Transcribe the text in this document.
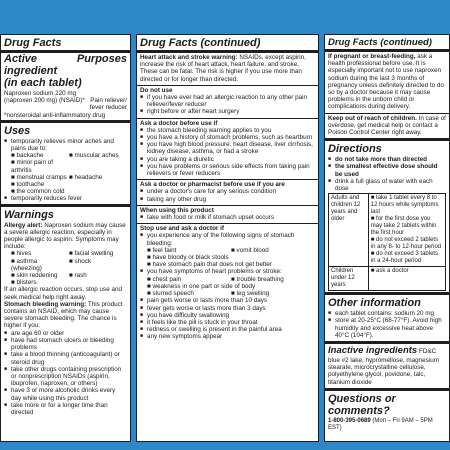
Drug Facts
Active ingredient
Purposes
(in each tablet)
Naproxen sodium 220 mg
(naproxen 200 mg) (NSAID)* Pain reliever/
fever reducer
*nonsteroidal anti-inflammatory drug
Uses
■ temporarily relieves minor aches and pains due to:
■ backache	■ muscular aches
■ minor pain of arthritis
■ menstrual cramps ■ headache
■ toothache
■ the common cold
■ temporarily reduces fever
Warnings
Allergy alert: Naproxen sodium may cause a severe allergic reaction, especially in people allergic to aspirin. Symptoms may include:
■ hives	■ facial swelling
■ asthma (wheezing)
■ shock
■ skin reddening	■ rash
■ blisters
If an allergic reaction occurs, stop use and seek medical help right away.
Stomach bleeding warning: This product contains an NSAID, which may cause severe stomach bleeding. The chance is higher if you:
■ are age 60 or older
■ have had stomach ulcers or bleeding problems
■ take a blood thinning (anticoagulant) or steroid drug
■ take other drugs containing prescription or nonprescription NSAIDs (aspirin, ibuprofen, naproxen, or others)
■ have 3 or more alcoholic drinks every day while using this product
■ take more or for a longer time than directed
Drug Facts (continued)
Heart attack and stroke warning: NSAIDs, except aspirin, increase the risk of heart attack, heart failure, and stroke. These can be fatal. The risk is higher if you use more than directed or for longer than directed.
Do not use
■ if you have ever had an allergic reaction to any other pain reliever/fever reducer
■ right before or after heart surgery
Ask a doctor before use if
■ the stomach bleeding warning applies to you
■ you have a history of stomach problems, such as heartburn
■ you have high blood pressure, heart disease, liver cirrhosis, kidney disease, asthma, or had a stroke
■ you are taking a diuretic
■ you have problems or serious side effects from taking pain relievers or fever reducers
Ask a doctor or pharmacist before use if you are
■ under a doctor's care for any serious condition
■ taking any other drug
When using this product
■ take with food or milk if stomach upset occurs
Stop use and ask a doctor if
■ you experience any of the following signs of stomach bleeding:
■ feel faint	■ vomit blood
■ have bloody or black stools
■ have stomach pain that does not get better
■ you have symptoms of heart problems or stroke:
■ chest pain	■ trouble breathing
■ weakness in one part or side of body
■ slurred speech	■ leg swelling
■ pain gets worse or lasts more than 10 days
■ fever gets worse or lasts more than 3 days
■ you have difficulty swallowing
■ it feels like the pill is stuck in your throat
■ redness or swelling is present in the painful area
■ any new symptoms appear
Drug Facts (continued)
If pregnant or breast-feeding, ask a health professional before use. It is especially important not to use naproxen sodium during the last 3 months of pregnancy unless definitely directed to do so by a doctor because it may cause problems in the unborn child or complications during delivery.
Keep out of reach of children. In case of overdose, get medical help or contact a Poison Control Center right away.
Directions
■ do not take more than directed
■ the smallest effective dose should be used
■ drink a full glass of water with each dose
Adults and children 12 years and older	■ take 1 tablet every 8 to 12 hours while symptoms last
■ for the first dose you may take 2 tablets within the first hour
■ do not exceed 2 tablets in any 8- to 12-hour period
■ do not exceed 3 tablets in a 24-hour period

Children under 12 years	■ ask a doctor
Other information
■ each tablet contains: sodium 20 mg
■ store at 20-25°C (68-77°F). Avoid high humidity and excessive heat above 40°C (104°F).
Inactive ingredients FD&C blue #2 lake, hypromellose, magnesium stearate, microcrystalline cellulose, polyethylene glycol, povidone, talc, titanium dioxide
Questions or comments?
1-800-395-0689 (Mon – Fri 9AM – 5PM EST)
